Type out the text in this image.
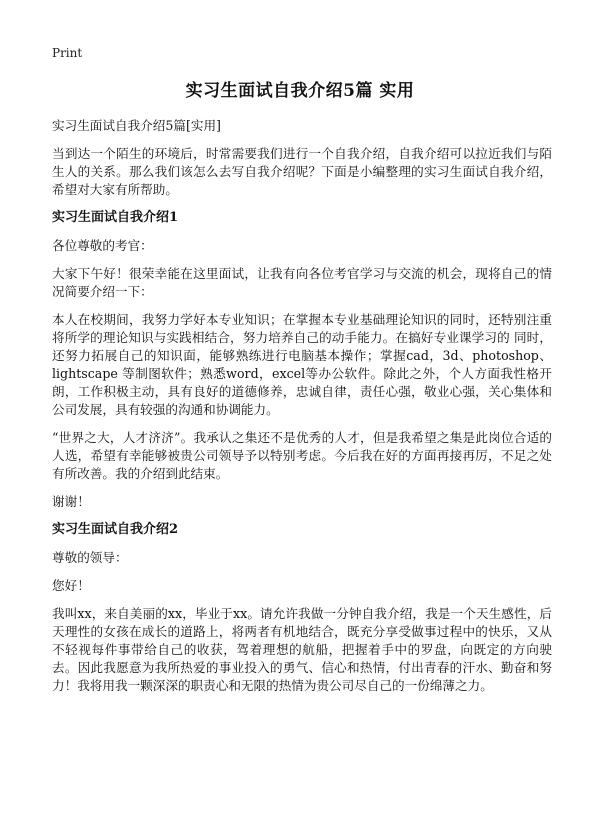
Print
实习生面试自我介绍5篇 实用

实习生面试自我介绍5篇[实用]

当到达一个陌生的环境后，时常需要我们进行一个自我介绍，自我介绍可以拉近我们与陌生人的关系。那么我们该怎么去写自我介绍呢？下面是小编整理的实习生面试自我介绍，希望对大家有所帮助。

实习生面试自我介绍1

各位尊敬的考官：

大家下午好！很荣幸能在这里面试，让我有向各位考官学习与交流的机会，现将自己的情况简要介绍一下：

本人在校期间，我努力学好本专业知识；在掌握本专业基础理论知识的同时，还特别注重将所学的理论知识与实践相结合，努力培养自己的动手能力。在搞好专业课学习的 同时，还努力拓展自己的知识面，能够熟练进行电脑基本操作；掌握cad，3d、photoshop、lightscape 等制图软件；熟悉word，excel等办公软件。除此之外，个人方面我性格开朗，工作积极主动，具有良好的道德修养，忠诚自律，责任心强，敬业心强，关心集体和公司发展，具有较强的沟通和协调能力。

“世界之大，人才济济”。我承认之集还不是优秀的人才，但是我希望之集是此岗位合适的人选，希望有幸能够被贵公司领导予以特别考虑。今后我在好的方面再接再厉，不足之处有所改善。我的介绍到此结束。

谢谢！

实习生面试自我介绍2

尊敬的领导：

您好！

我叫xx，来自美丽的xx，毕业于xx。请允许我做一分钟自我介绍，我是一个天生感性，后天理性的女孩在成长的道路上，将两者有机地结合，既充分享受做事过程中的快乐，又从不轻视每件事带给自己的收获，驾着理想的航船，把握着手中的罗盘，向既定的方向驶去。因此我愿意为我所热爱的事业投入的勇气、信心和热情，付出青春的汗水、勤奋和努力！我将用我一颗深深的职责心和无限的热情为贵公司尽自己的一份绵薄之力。
